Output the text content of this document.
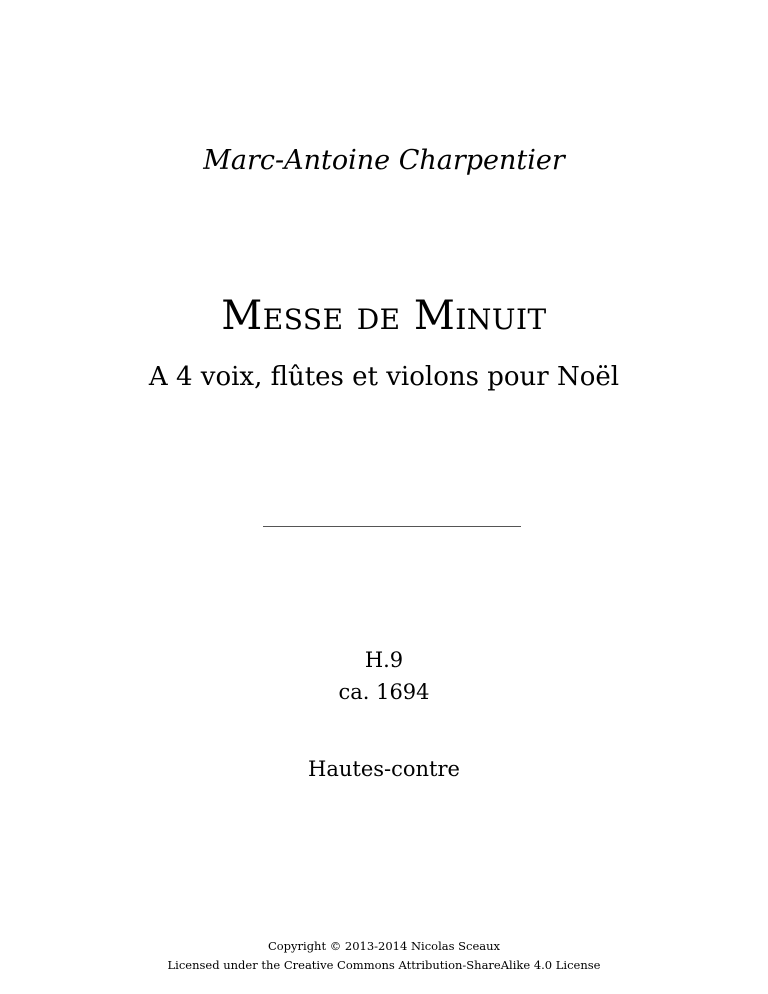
Marc-Antoine Charpentier
Messe de Minuit
A 4 voix, flûtes et violons pour Noël
H.9
ca. 1694
Hautes-contre
Copyright © 2013-2014 Nicolas Sceaux
Licensed under the Creative Commons Attribution-ShareAlike 4.0 License
